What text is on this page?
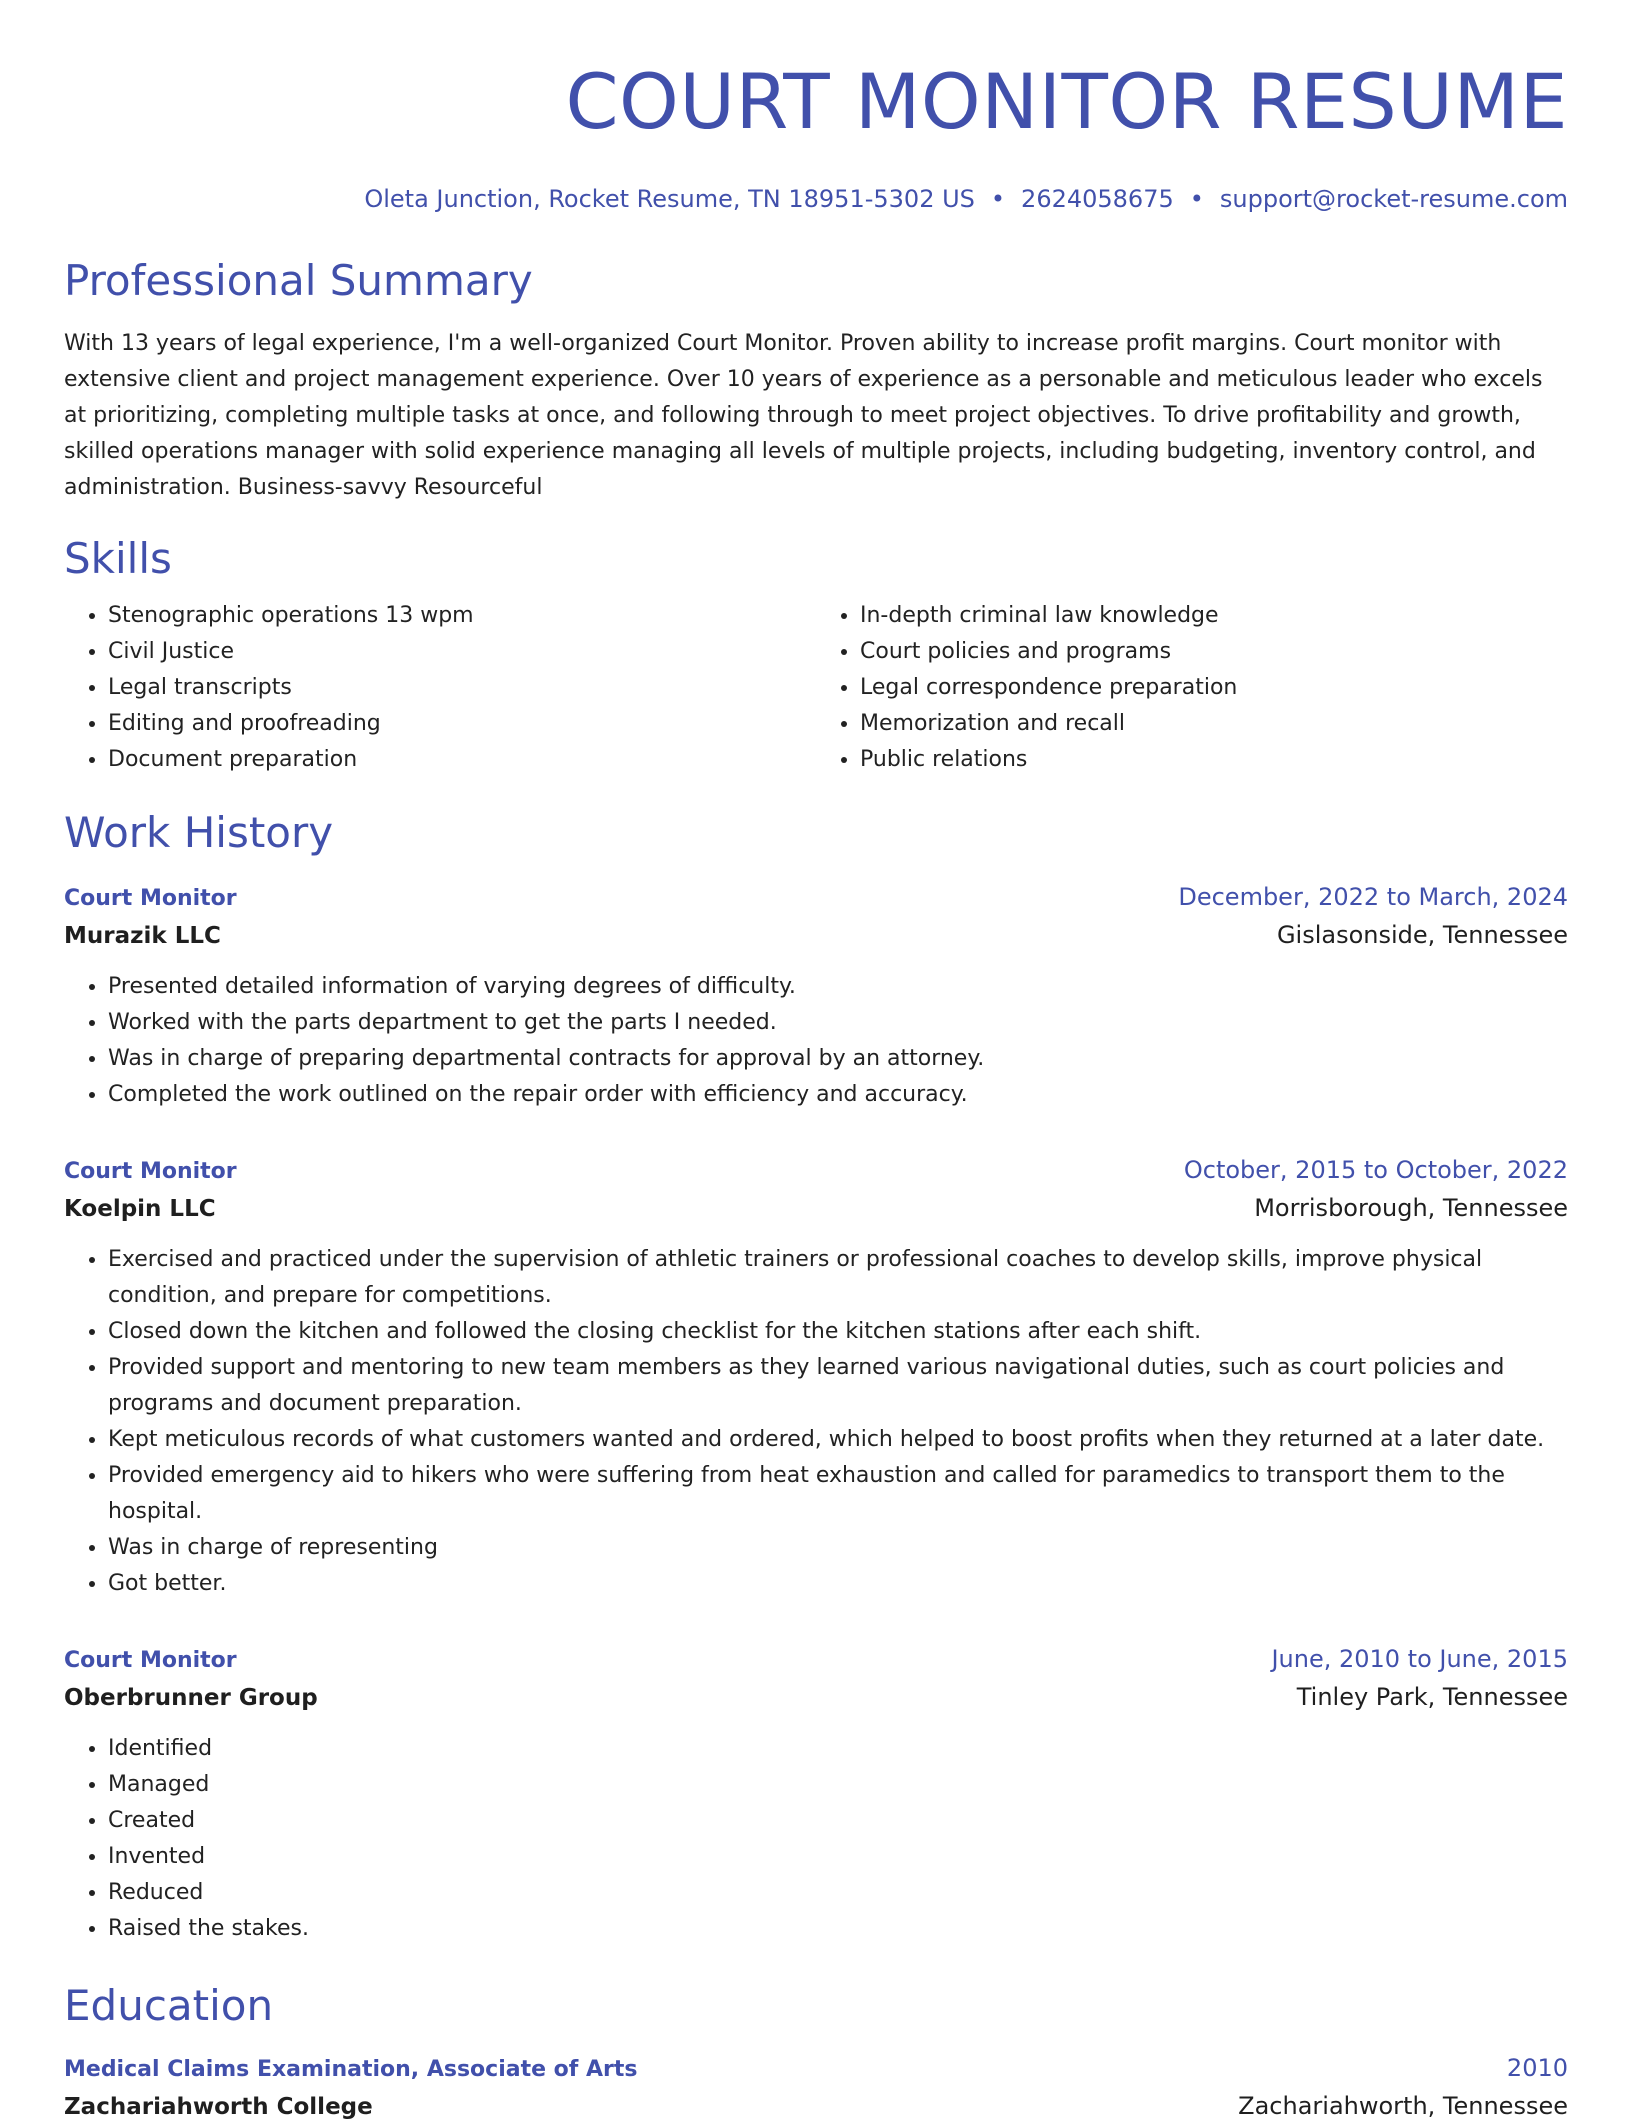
COURT MONITOR RESUME
Oleta Junction, Rocket Resume, TN 18951-5302 US • 2624058675 • support@rocket-resume.com
Professional Summary

With 13 years of legal experience, I'm a well-organized Court Monitor. Proven ability to increase profit margins. Court monitor with extensive client and project management experience. Over 10 years of experience as a personable and meticulous leader who excels at prioritizing, completing multiple tasks at once, and following through to meet project objectives. To drive profitability and growth, skilled operations manager with solid experience managing all levels of multiple projects, including budgeting, inventory control, and administration. Business-savvy Resourceful

Skills
• Stenographic operations 13 wpm
• Civil Justice
• Legal transcripts
• Editing and proofreading
• Document preparation
• In-depth criminal law knowledge
• Court policies and programs
• Legal correspondence preparation
• Memorization and recall
• Public relations
Work History
Court Monitor	December, 2022 to March, 2024
Murazik LLC	Gislasonside, Tennessee
• Presented detailed information of varying degrees of difficulty.
• Worked with the parts department to get the parts I needed.
• Was in charge of preparing departmental contracts for approval by an attorney.
• Completed the work outlined on the repair order with efficiency and accuracy.
Court Monitor	October, 2015 to October, 2022
Koelpin LLC	Morrisborough, Tennessee
• Exercised and practiced under the supervision of athletic trainers or professional coaches to develop skills, improve physical condition, and prepare for competitions.
• Closed down the kitchen and followed the closing checklist for the kitchen stations after each shift.
• Provided support and mentoring to new team members as they learned various navigational duties, such as court policies and programs and document preparation.
• Kept meticulous records of what customers wanted and ordered, which helped to boost profits when they returned at a later date.
• Provided emergency aid to hikers who were suffering from heat exhaustion and called for paramedics to transport them to the hospital.
• Was in charge of representing
• Got better.
Court Monitor	June, 2010 to June, 2015
Oberbrunner Group	Tinley Park, Tennessee
• Identified
• Managed
• Created
• Invented
• Reduced
• Raised the stakes.
Education
Medical Claims Examination, Associate of Arts	2010
Zachariahworth College	Zachariahworth, Tennessee
